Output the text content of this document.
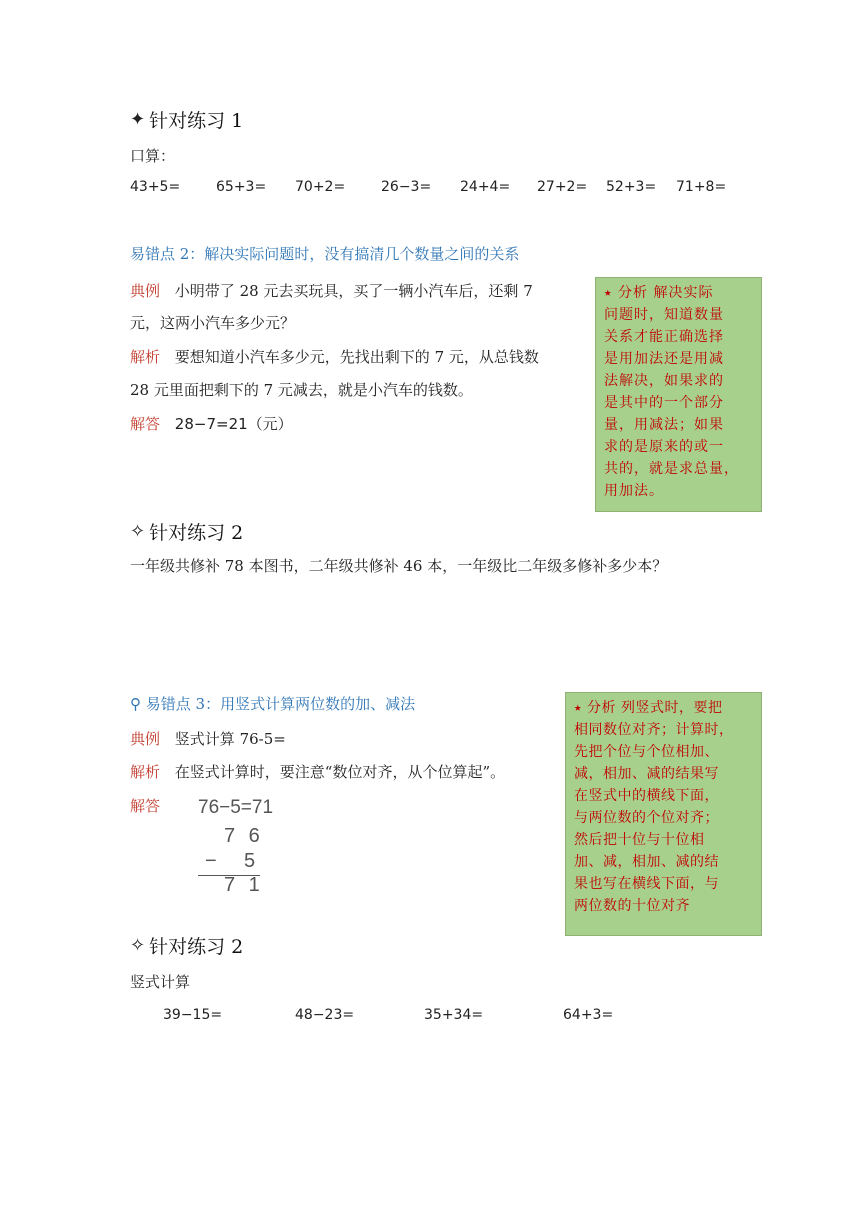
✦ 针对练习 1
口算：
43+5=	65+3= 70+2=	26−3= 24+4= 27+2= 52+3= 71+8=
易错点 2：解决实际问题时，没有搞清几个数量之间的关系
典例 小明带了 28 元去买玩具，买了一辆小汽车后，还剩 7
元，这两小汽车多少元？
解析 要想知道小汽车多少元，先找出剩下的 7 元，从总钱数
28 元里面把剩下的 7 元减去，就是小汽车的钱数。
解答 28−7=21（元）
⭑ 分析 解决实际
问题时，知道数量
关系才能正确选择
是用加法还是用减
法解决，如果求的
是其中的一个部分
量，用减法；如果
求的是原来的或一
共的，就是求总量，
用加法。
✧ 针对练习 2
一年级共修补 78 本图书，二年级共修补 46 本，一年级比二年级多修补多少本？
⚲ 易错点 3：用竖式计算两位数的加、减法
典例 竖式计算 76-5=
解析 在竖式计算时，要注意“数位对齐，从个位算起”。
解答 76−5=71
7 6
− 5
7 1
⭑ 分析 列竖式时，要把
相同数位对齐；计算时，
先把个位与个位相加、
减，相加、减的结果写
在竖式中的横线下面，
与两位数的个位对齐；
然后把十位与十位相
加、减，相加、减的结
果也写在横线下面，与
两位数的十位对齐
✧ 针对练习 2
竖式计算
39−15=	48−23=	35+34=	64+3=
